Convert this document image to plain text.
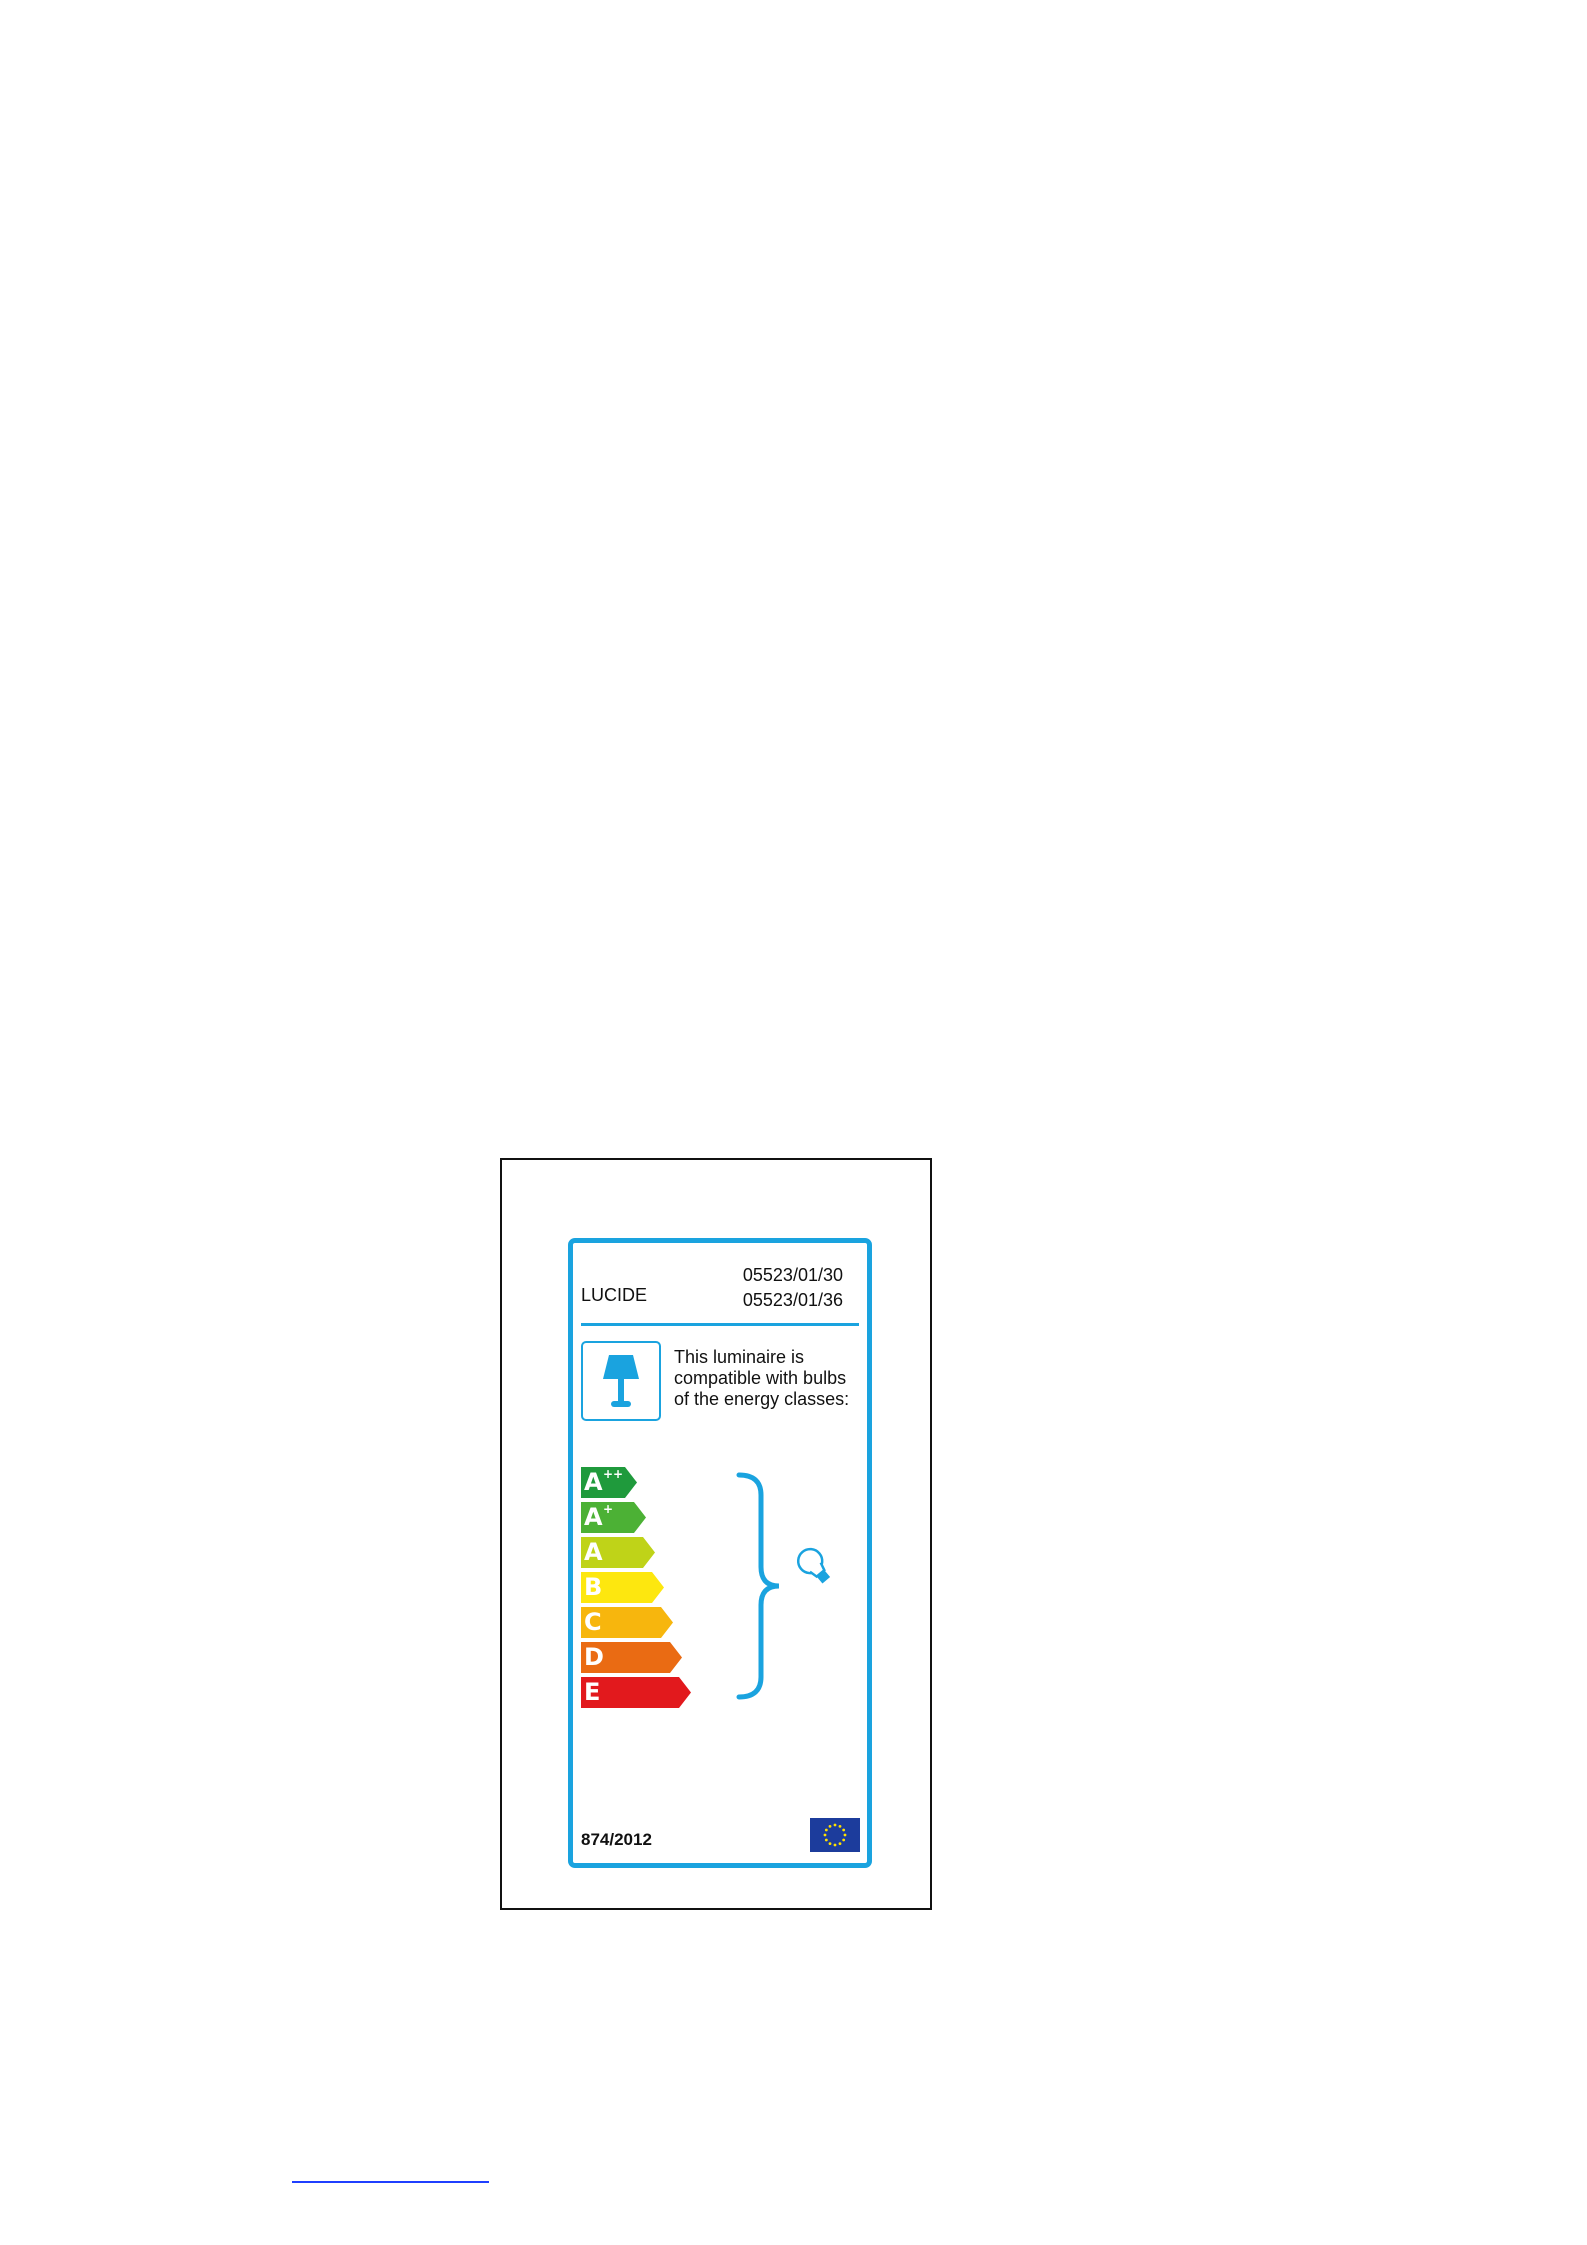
LUCIDE
05523/01/30
05523/01/36
This luminaire is
compatible with bulbs
of the energy classes:
A ++
A +
A
B
C
D
E
874/2012
